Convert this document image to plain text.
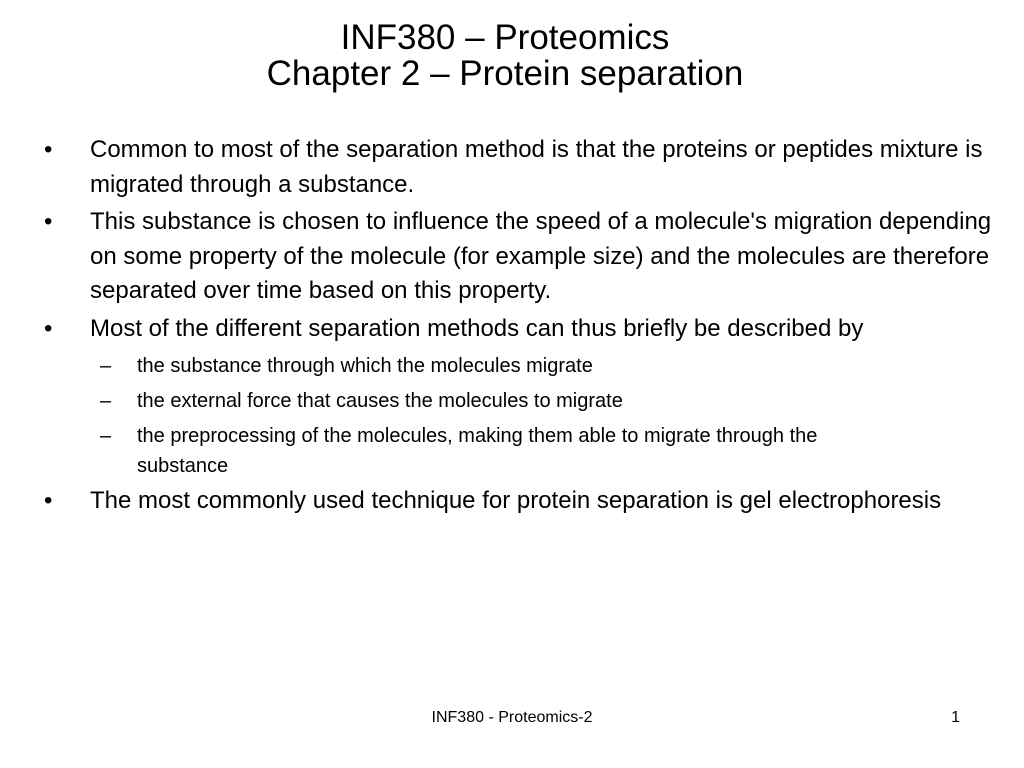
INF380 – Proteomics
Chapter 2 – Protein separation
• Common to most of the separation method is that the proteins or peptides mixture is migrated through a substance.
• This substance is chosen to influence the speed of a molecule's migration depending on some property of the molecule (for example size) and the molecules are therefore separated over time based on this property.
• Most of the different separation methods can thus briefly be described by
– the substance through which the molecules migrate
– the external force that causes the molecules to migrate
– the preprocessing of the molecules, making them able to migrate through the substance
• The most commonly used technique for protein separation is gel electrophoresis
INF380 - Proteomics-2	1
